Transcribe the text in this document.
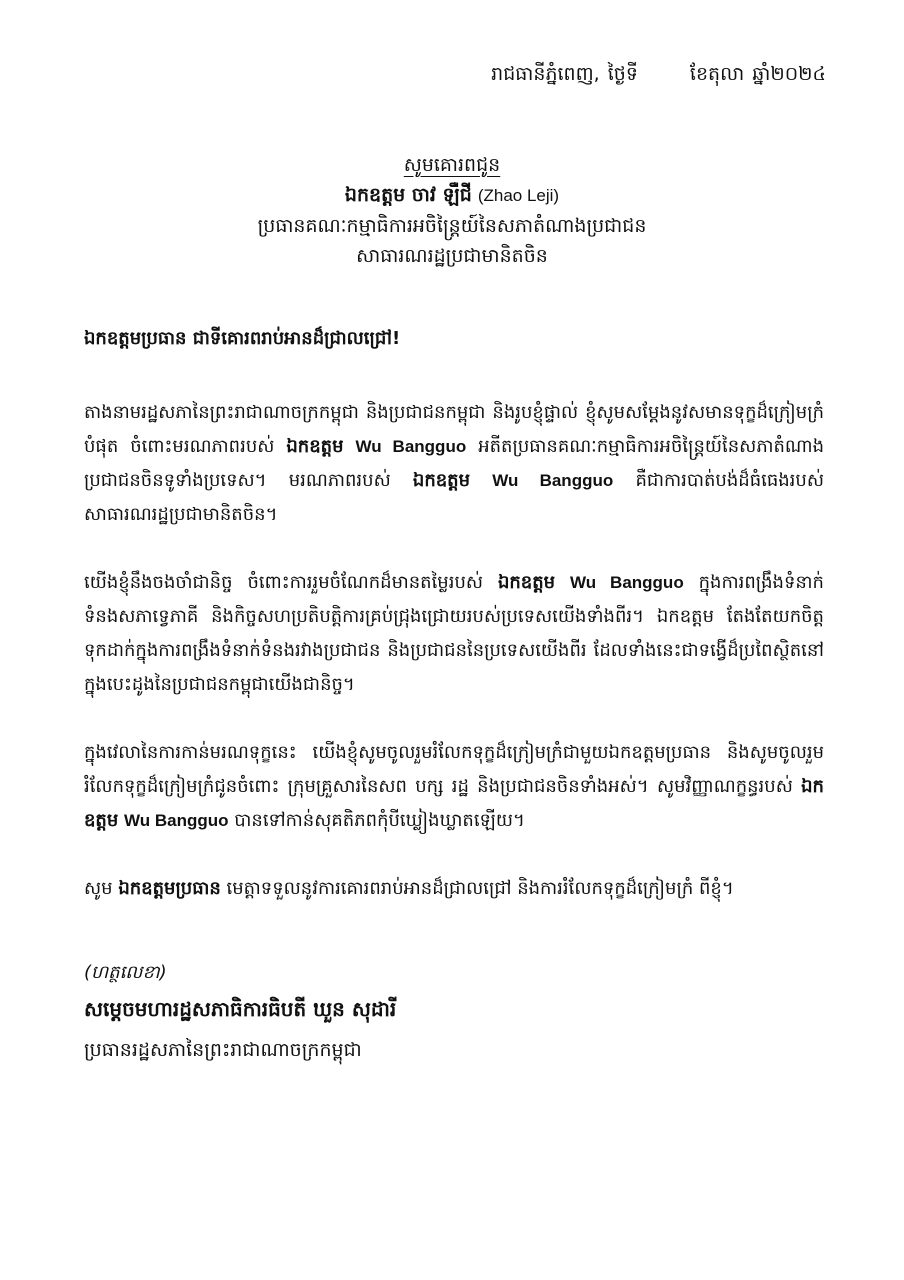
រាជធានីភ្នំពេញ, ថ្ងៃទី	ខែតុលា ឆ្នាំ២០២៤
សូមគោរពជូន
ឯកឧត្តម ចាវ ឡឺជី (Zhao Leji)
ប្រធានគណៈកម្មាធិការអចិន្ត្រៃយ៍នៃសភាតំណាងប្រជាជន
សាធារណរដ្ឋប្រជាមានិតចិន

ឯកឧត្តមប្រធាន ជាទីគោរពរាប់អានដ៏ជ្រាលជ្រៅ!

តាងនាមរដ្ឋសភានៃព្រះរាជាណាចក្រកម្ពុជា និងប្រជាជនកម្ពុជា និងរូបខ្ញុំផ្ទាល់ ខ្ញុំសូមសម្ដែងនូវសមានទុក្ខដ៏ក្រៀមក្រំបំផុត ចំពោះមរណភាពរបស់ ឯកឧត្តម Wu Bangguo អតីតប្រធានគណៈកម្មាធិការអចិន្ត្រៃយ៍នៃសភាតំណាងប្រជាជនចិនទូទាំងប្រទេស។ មរណភាពរបស់ ឯកឧត្តម Wu Bangguo គឺជាការបាត់បង់ដ៏ធំធេងរបស់សាធារណរដ្ឋប្រជាមានិតចិន។

យើងខ្ញុំនឹងចងចាំជានិច្ច ចំពោះការរួមចំណែកដ៏មានតម្លៃរបស់ ឯកឧត្តម Wu Bangguo ក្នុងការពង្រឹងទំនាក់ទំនងសភាទ្វេភាគី និងកិច្ចសហប្រតិបត្តិការគ្រប់ជ្រុងជ្រោយរបស់ប្រទេសយើងទាំងពីរ។ ឯកឧត្តម តែងតែយកចិត្តទុកដាក់ក្នុងការពង្រឹងទំនាក់ទំនងរវាងប្រជាជន និងប្រជាជននៃប្រទេសយើងពីរ ដែលទាំងនេះជាទង្វើដ៏ប្រពៃស្ថិតនៅក្នុងបេះដូងនៃប្រជាជនកម្ពុជាយើងជានិច្ច។

ក្នុងវេលានៃការកាន់មរណទុក្ខនេះ យើងខ្ញុំសូមចូលរួមរំលែកទុក្ខដ៏ក្រៀមក្រំជាមួយឯកឧត្តមប្រធាន និងសូមចូលរួមរំលែកទុក្ខដ៏ក្រៀមក្រំជូនចំពោះ ក្រុមគ្រួសារនៃសព បក្ស រដ្ឋ និងប្រជាជនចិនទាំងអស់។ សូមវិញ្ញាណក្ខន្ធរបស់ ឯកឧត្តម Wu Bangguo បានទៅកាន់សុគតិភពកុំបីឃ្លៀងឃ្លាតឡើយ។

សូម ឯកឧត្តមប្រធាន មេត្តាទទួលនូវការគោរពរាប់អានដ៏ជ្រាលជ្រៅ និងការរំលែកទុក្ខដ៏ក្រៀមក្រំ ពីខ្ញុំ។

(ហត្ថលេខា)
សម្តេចមហារដ្ឋសភាធិការធិបតី ឃួន សុដារី
ប្រធានរដ្ឋសភានៃព្រះរាជាណាចក្រកម្ពុជា
